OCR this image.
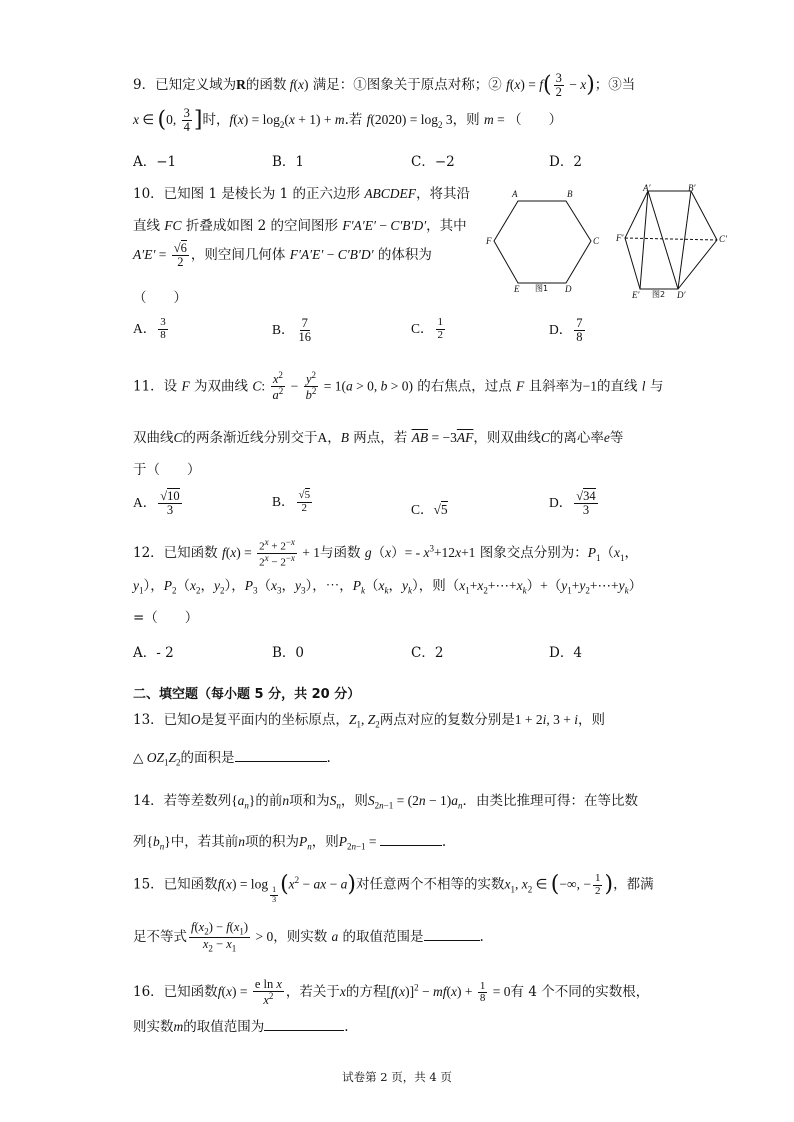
9．已知定义域为R的函数 f(x) 满足：①图象关于原点对称；② $f(x) = f( \frac{3}{2} - x)$；③当
x ∈ (0, $\frac{3}{4}$ ]时，$f(x) = \log_2(x + 1) + m$.若 $f(2020) = \log_2 3$，则 m = （　　）
A．−1	B．1	C．−2	D．2
10．已知图 1 是棱长为 1 的正六边形 ABCDEF，将其沿
直线 FC 折叠成如图 2 的空间图形 F′A′E′ − C′B′D′，其中
$A'E' = \frac{√6}{2}$ ，则空间几何体 F′A′E′ − C′B′D′ 的体积为
（　　）
A	B
C
D
E
F
图1
A′	B′
C′
D′
E′
F′
图2
A． $\frac{3}{8}$	B． $\frac{7}{16}$	C． $\frac{1}{2}$	D． $\frac{7}{8}$
11．设 F 为双曲线 C: $\frac{x^2}{a^2} - \frac{y^2}{b^2} = 1(a > 0$, b > 0) 的右焦点，过点 F 且斜率为−1的直线 l 与
双曲线C的两条渐近线分别交于A，B 两点，若 $\overline{AB} = -3\overline{AF}$，则双曲线C的离心率e等
于（　　）
A． $\frac{√10}{3}$	B． $\frac{√5}{2}$	C．√5	D． $\frac{√34}{3}$
12．已知函数 $f(x) = \frac{2^x + 2^{-x}}{2^x - 2^{-x}} + 1$与函数 $g(x)= - x^3+12x+1$ 图象交点分别为：$P_1(x_1$，
$y_1$），$P_2(x_2$，$y_2$），$P_3(x_3$，$y_3$），⋯，$P_k(x_k$，$y_k$），则$(x_1+x_2+\cdots+x_k)+(y_1+y_2+\cdots+y_k)$
=（　　）
A．- 2	B．0	C．2	D．4
二、填空题（每小题 5 分，共 20 分）
13．已知O是复平面内的坐标原点，$Z_1$, $Z_2$两点对应的复数分别是1 + 2i, 3 + i，则
△ $OZ_1Z_2$的面积是	.
14．若等差数列$\{a_n\}$的前n项和为$S_n$，则$S_{2n-1} = (2n - 1)a_n$．由类比推理可得：在等比数
列$\{b_n\}$中，若其前n项的积为$P_n$，则$P_{2n-1}$ =	.
15．已知函数f(x) = log
$_{\frac{1}{3}}$ ($x^2$ − ax − a)对任意两个不相等的实数$x_1$, $x_2$ ∈ (−∞, − $\frac{1}{2}$ )，都满
足不等式 $\frac{f(x_2) - f(x_1)}{x_2 - x_1} > 0$，则实数 a 的取值范围是	.
16．已知函数$f(x) = \frac{\text{e ln x}}{x^2}$ ，若关于x的方程$[f(x)]^2 - mf(x) + \frac{1}{8} = 0$有 4 个不同的实数根，
则实数m的取值范围为	.
试卷第 2 页，共 4 页
